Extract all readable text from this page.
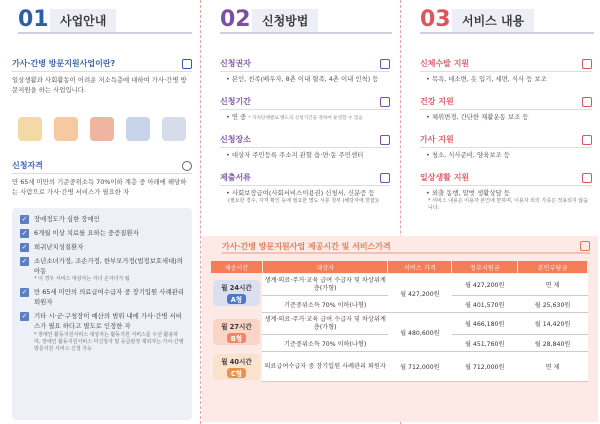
01 사업안내
가사·간병 방문지원사업이란?
일상생활과 사회활동이 어려운 저소득층에 대하여 가사·간병 방문지원을 하는 사업입니다.
신청자격
만 65세 미만의 기준중위소득 70%이하 계층 중 아래에 해당하는 사람으로 가사·간병 서비스가 필요한 자
✓ 장애정도가 심한 장애인
✓ 6개월 이상 치료를 요하는 중증질환자
✓ 희귀난치성질환자
✓ 소년소녀가정, 조손가정, 한부모가정(법정보호세대)의 아동
* 이 경우 서비스 대상자는 자녀 손자녀가 됨
✓ 만 65세 미만의 의료급여수급자 중 장기입원 사례관리 퇴원자
✓ 기타 시·군·구청장이 예산의 범위 내에 가사·간병 서비스가 필요 하다고 별도로 인정한 자
* 장애인 활동지원서비스 대상자는 활동지원 서비스를 우선 활용하며, 장애인 활동지원서비스 미신청자 및 등급판정 제외자는 가사·간병 방문지원 서비스 신청 가능
02 신청방법
신청권자
• 본인, 친족(배우자, 8촌 이내 혈족, 4촌 이내 인척) 등
신청기간
• 연 중 * 자치단체별로 별도의 신청기간을 정하여 운영할 수 있음
신청장소
• 대상자 주민등록 주소지 관할 읍·면·동 주민센터
제출서류
• 사회보장급여(사회서비스이용권) 신청서, 신분증 등
(필요한 경우, 자격 확인 등에 필요한 별도 서류 청부 (해당자에 한함))
03 서비스 내용
신체수발 지원
• 목욕, 대소변, 옷 입기, 세면, 식사 등 보조
건강 지원
• 체위변경, 간단한 재활운동 보조 등
가사 지원
• 청소, 식사준비, 양육보조 등
일상생활 지원
• 외출 동행, 말벗 생활상담 등
* 서비스 내용은 이용자 본인에 한하며, 이용자 외의 가족은 적용되지 않습니다.
가사·간병 방문지원사업 제공시간 및 서비스가격
제공시간	대상자	서비스 가격	정부지원금	본인부담금

월 24시간
A형	생계·의료·주거·교육 급여 수급자 및 차상위계층(가형)	월 427,200원	월 427,200원	면 제
	기준중위소득 70% 이하(나형)		월 401,570원	월 25,630원

월 27시간
B형	생계·의료·주거·교육 급여 수급자 및 차상위계층(가형)	월 480,600원	월 466,180원	월 14,420원
	기준중위소득 70% 이하(나형)		월 451,760원	월 28,840원

월 40시간
C형	의료급여수급자 중 장기입원 사례관리 퇴원자	월 712,000원	월 712,000원	면 제
